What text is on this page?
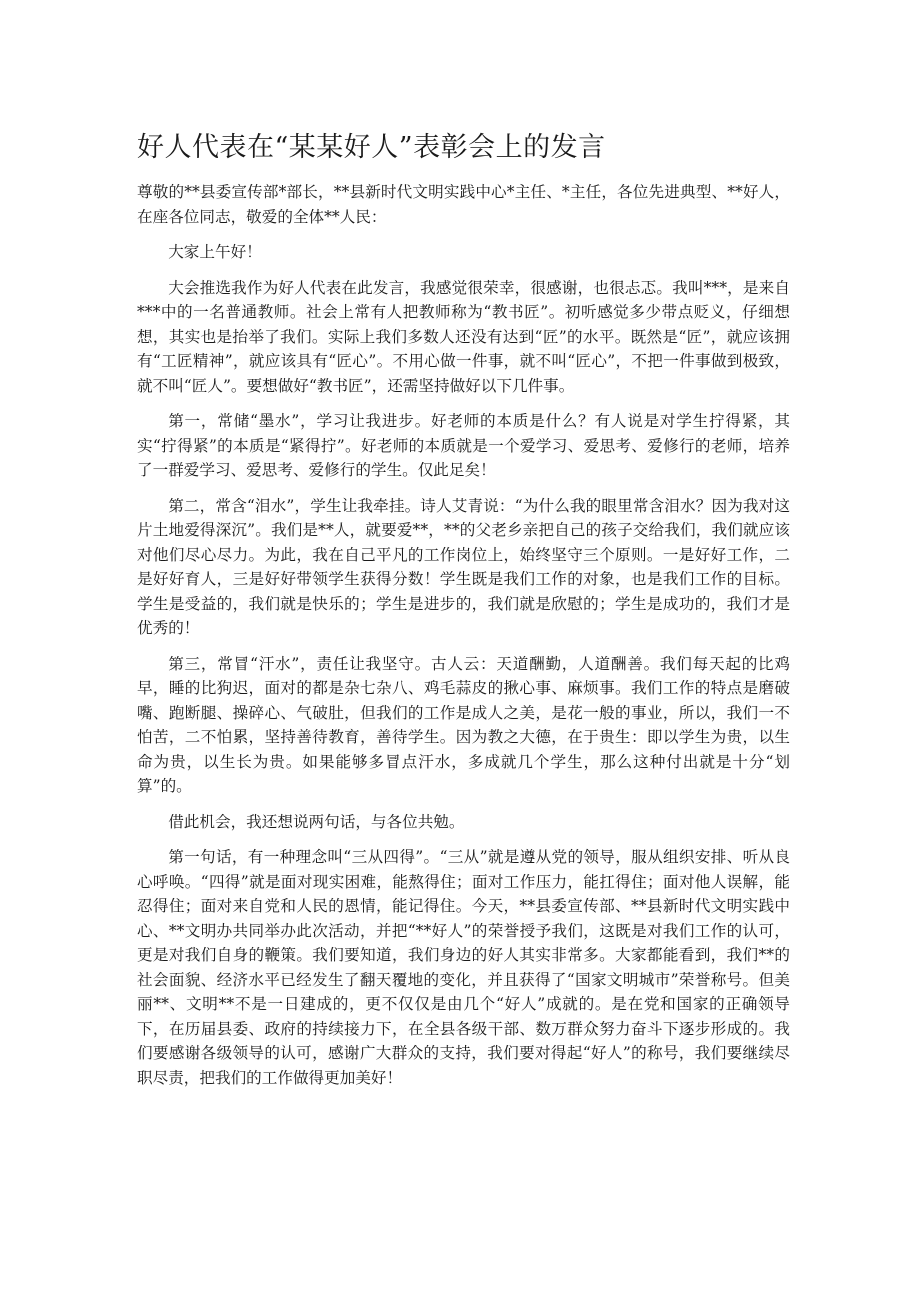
好人代表在“某某好人”表彰会上的发言

尊敬的**县委宣传部*部长，**县新时代文明实践中心*主任、*主任，各位先进典型、**好人，在座各位同志，敬爱的全体**人民：

大家上午好！

大会推选我作为好人代表在此发言，我感觉很荣幸，很感谢，也很忐忑。我叫***，是来自***中的一名普通教师。社会上常有人把教师称为“教书匠”。初听感觉多少带点贬义，仔细想想，其实也是抬举了我们。实际上我们多数人还没有达到“匠”的水平。既然是“匠”，就应该拥有“工匠精神”，就应该具有“匠心”。不用心做一件事，就不叫“匠心”，不把一件事做到极致，就不叫“匠人”。要想做好“教书匠”，还需坚持做好以下几件事。

第一，常储“墨水”，学习让我进步。好老师的本质是什么？有人说是对学生拧得紧，其实“拧得紧”的本质是“紧得拧”。好老师的本质就是一个爱学习、爱思考、爱修行的老师，培养了一群爱学习、爱思考、爱修行的学生。仅此足矣！

第二，常含“泪水”，学生让我牵挂。诗人艾青说：“为什么我的眼里常含泪水？因为我对这片土地爱得深沉”。我们是**人，就要爱**，**的父老乡亲把自己的孩子交给我们，我们就应该对他们尽心尽力。为此，我在自己平凡的工作岗位上，始终坚守三个原则。一是好好工作，二是好好育人，三是好好带领学生获得分数！学生既是我们工作的对象，也是我们工作的目标。学生是受益的，我们就是快乐的；学生是进步的，我们就是欣慰的；学生是成功的，我们才是优秀的！

第三，常冒“汗水”，责任让我坚守。古人云：天道酬勤，人道酬善。我们每天起的比鸡早，睡的比狗迟，面对的都是杂七杂八、鸡毛蒜皮的揪心事、麻烦事。我们工作的特点是磨破嘴、跑断腿、操碎心、气破肚，但我们的工作是成人之美，是花一般的事业，所以，我们一不怕苦，二不怕累，坚持善待教育，善待学生。因为教之大德，在于贵生：即以学生为贵，以生命为贵，以生长为贵。如果能够多冒点汗水，多成就几个学生，那么这种付出就是十分“划算”的。

借此机会，我还想说两句话，与各位共勉。

第一句话，有一种理念叫“三从四得”。“三从”就是遵从党的领导，服从组织安排、听从良心呼唤。“四得”就是面对现实困难，能熬得住；面对工作压力，能扛得住；面对他人误解，能忍得住；面对来自党和人民的恩情，能记得住。今天，**县委宣传部、**县新时代文明实践中心、**文明办共同举办此次活动，并把“**好人”的荣誉授予我们，这既是对我们工作的认可，更是对我们自身的鞭策。我们要知道，我们身边的好人其实非常多。大家都能看到，我们**的社会面貌、经济水平已经发生了翻天覆地的变化，并且获得了“国家文明城市”荣誉称号。但美丽**、文明**不是一日建成的，更不仅仅是由几个“好人”成就的。是在党和国家的正确领导下，在历届县委、政府的持续接力下，在全县各级干部、数万群众努力奋斗下逐步形成的。我们要感谢各级领导的认可，感谢广大群众的支持，我们要对得起“好人”的称号，我们要继续尽职尽责，把我们的工作做得更加美好！
